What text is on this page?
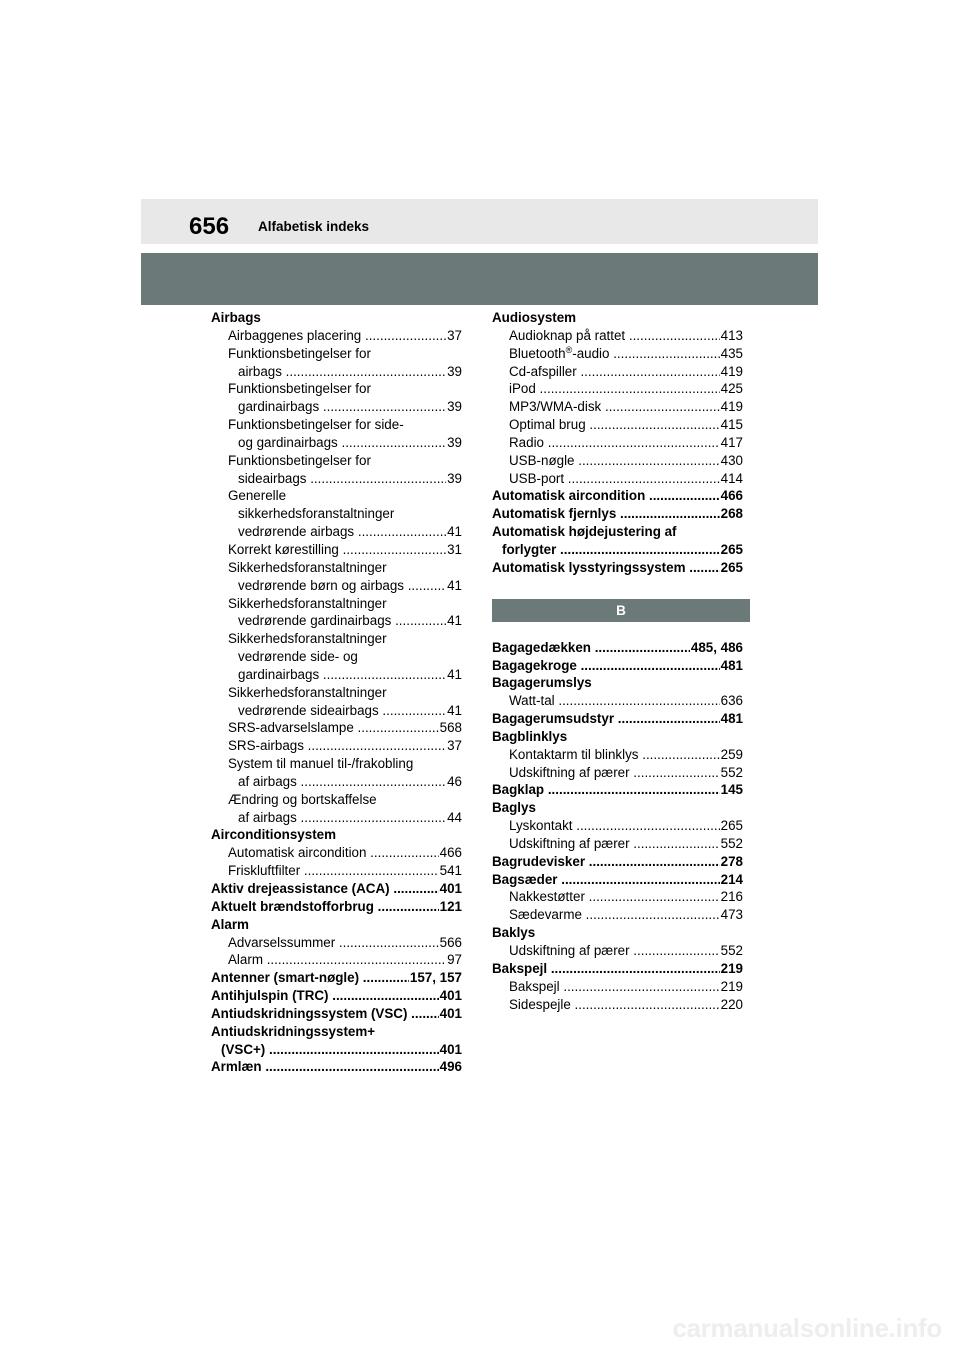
656 Alfabetisk indeks
Airbags
Airbaggenes placering .....	37
Funktionsbetingelser for
airbags .....	39
Funktionsbetingelser for
gardinairbags .....	39
Funktionsbetingelser for side-
og gardinairbags .....	39
Funktionsbetingelser for
sideairbags .....	39
Generelle
sikkerhedsforanstaltninger
vedrørende airbags .....	41
Korrekt kørestilling .....	31
Sikkerhedsforanstaltninger
vedrørende børn og airbags .....	41
Sikkerhedsforanstaltninger
vedrørende gardinairbags .....	41
Sikkerhedsforanstaltninger
vedrørende side- og
gardinairbags .....	41
Sikkerhedsforanstaltninger
vedrørende sideairbags .....	41
SRS-advarselslampe .....	568
SRS-airbags .....	37
System til manuel til-/frakobling
af airbags .....	46
Ændring og bortskaffelse
af airbags .....	44
Airconditionsystem
Automatisk aircondition .....	466
Friskluftfilter .....	541
Aktiv drejeassistance (ACA) .....	401
Aktuelt brændstofforbrug .....	121
Alarm
Advarselssummer .....	566
Alarm .....	97
Antenner (smart-nøgle) .....	157, 157
Antihjulspin (TRC) .....	401
Antiudskridningssystem (VSC) .....	401
Antiudskridningssystem+
(VSC+) .....	401
Armlæn .....	496
Audiosystem
Audioknap på rattet .....	413
Bluetooth®-audio .....	435
Cd-afspiller .....	419
iPod .....	425
MP3/WMA-disk .....	419
Optimal brug .....	415
Radio .....	417
USB-nøgle .....	430
USB-port .....	414
Automatisk aircondition .....	466
Automatisk fjernlys .....	268
Automatisk højdejustering af
forlygter .....	265
Automatisk lysstyringssystem .....	265
B
Bagagedækken .....	485, 486
Bagagekroge .....	481
Bagagerumslys
Watt-tal .....	636
Bagagerumsudstyr .....	481
Bagblinklys
Kontaktarm til blinklys .....	259
Udskiftning af pærer .....	552
Bagklap .....	145
Baglys
Lyskontakt .....	265
Udskiftning af pærer .....	552
Bagrudevisker .....	278
Bagsæder .....	214
Nakkestøtter .....	216
Sædevarme .....	473
Baklys
Udskiftning af pærer .....	552
Bakspejl .....	219
Bakspejl .....	219
Sidespejle .....	220
carmanualsonline.info
